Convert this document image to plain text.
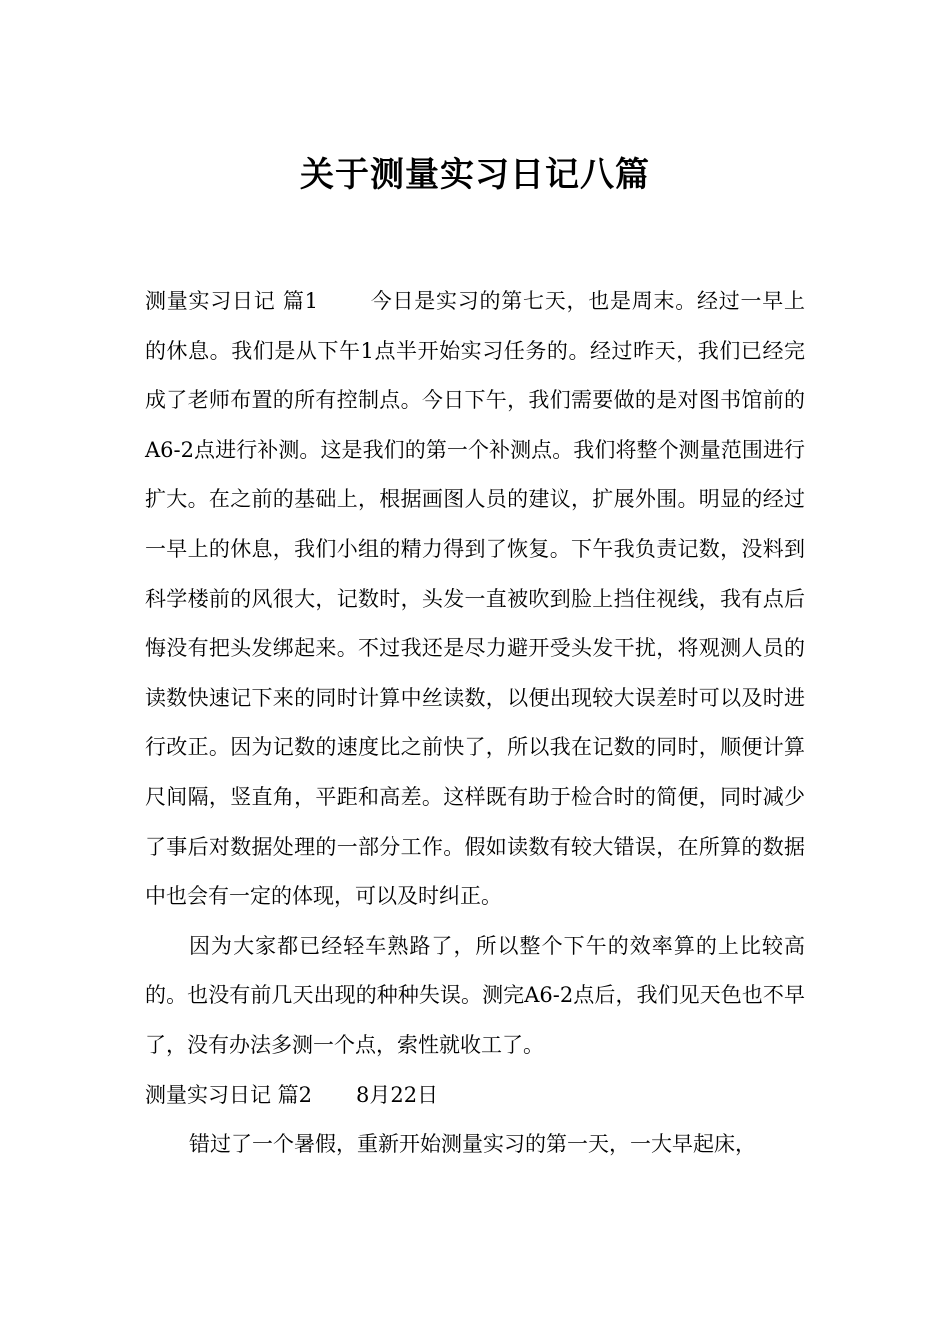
关于测量实习日记八篇

测量实习日记 篇1 今日是实习的第七天，也是周末。经过一早上的休息。我们是从下午1点半开始实习任务的。经过昨天，我们已经完成了老师布置的所有控制点。今日下午，我们需要做的是对图书馆前的A6-2点进行补测。这是我们的第一个补测点。我们将整个测量范围进行扩大。在之前的基础上，根据画图人员的建议，扩展外围。明显的经过一早上的休息，我们小组的精力得到了恢复。下午我负责记数，没料到科学楼前的风很大，记数时，头发一直被吹到脸上挡住视线，我有点后悔没有把头发绑起来。不过我还是尽力避开受头发干扰，将观测人员的读数快速记下来的同时计算中丝读数，以便出现较大误差时可以及时进行改正。因为记数的速度比之前快了，所以我在记数的同时，顺便计算尺间隔，竖直角，平距和高差。这样既有助于检合时的简便，同时减少了事后对数据处理的一部分工作。假如读数有较大错误，在所算的数据中也会有一定的体现，可以及时纠正。

因为大家都已经轻车熟路了，所以整个下午的效率算的上比较高的。也没有前几天出现的种种失误。测完A6-2点后，我们见天色也不早了，没有办法多测一个点，索性就收工了。

测量实习日记 篇2 8月22日

错过了一个暑假，重新开始测量实习的第一天，一大早起床，
